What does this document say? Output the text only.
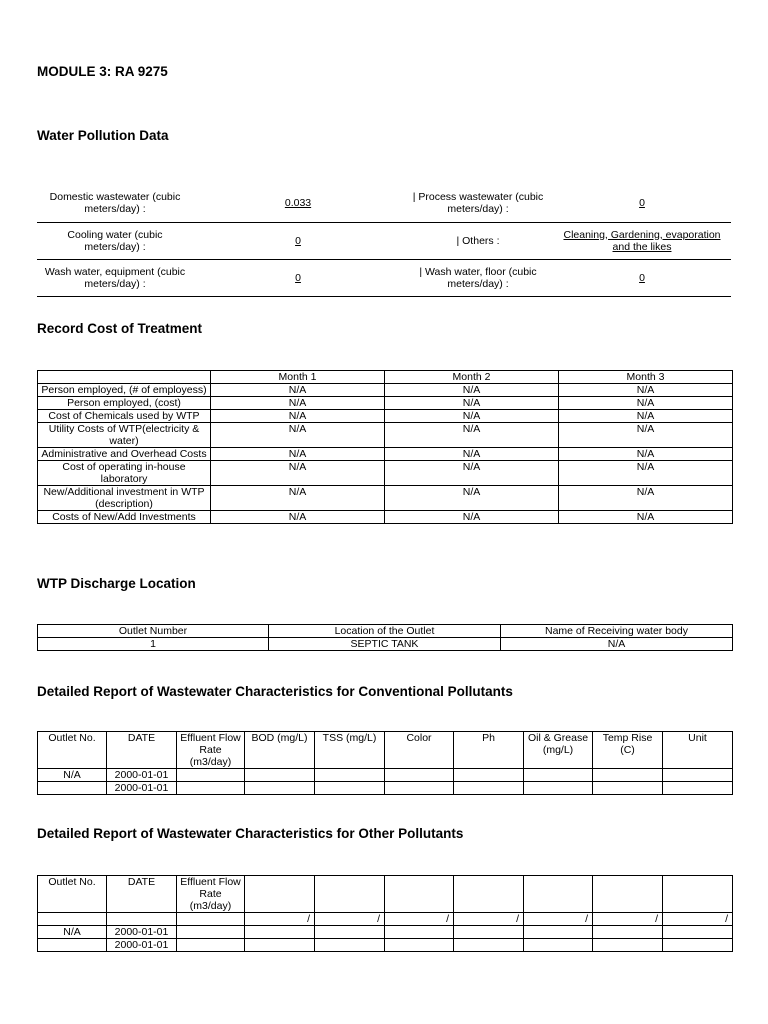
MODULE 3: RA 9275
Water Pollution Data
Domestic wastewater (cubic meters/day) :	0.033	| Process wastewater (cubic meters/day) :	0
Cooling water (cubic meters/day) :	0	| Others :	Cleaning, Gardening, evaporation and the likes
Wash water, equipment (cubic meters/day) :	0	| Wash water, floor (cubic meters/day) :	0
Record Cost of Treatment
	Month 1	Month 2	Month 3
Person employed, (# of employess)	N/A	N/A	N/A
Person employed, (cost)	N/A	N/A	N/A
Cost of Chemicals used by WTP	N/A	N/A	N/A
Utility Costs of WTP(electricity & water)	N/A	N/A	N/A
Administrative and Overhead Costs	N/A	N/A	N/A
Cost of operating in-house laboratory	N/A	N/A	N/A
New/Additional investment in WTP (description)	N/A	N/A	N/A
Costs of New/Add Investments	N/A	N/A	N/A
WTP Discharge Location
Outlet Number	Location of the Outlet	Name of Receiving water body
1	SEPTIC TANK	N/A
Detailed Report of Wastewater Characteristics for Conventional Pollutants
Outlet No.	DATE	Effluent Flow Rate (m3/day)	BOD (mg/L)	TSS (mg/L)	Color	Ph	Oil & Grease (mg/L)	Temp Rise (C)	Unit
N/A	2000-01-01								
	2000-01-01								
Detailed Report of Wastewater Characteristics for Other Pollutants
Outlet No.	DATE	Effluent Flow Rate (m3/day)							
			/	/	/	/	/	/	/
N/A	2000-01-01								
	2000-01-01								
